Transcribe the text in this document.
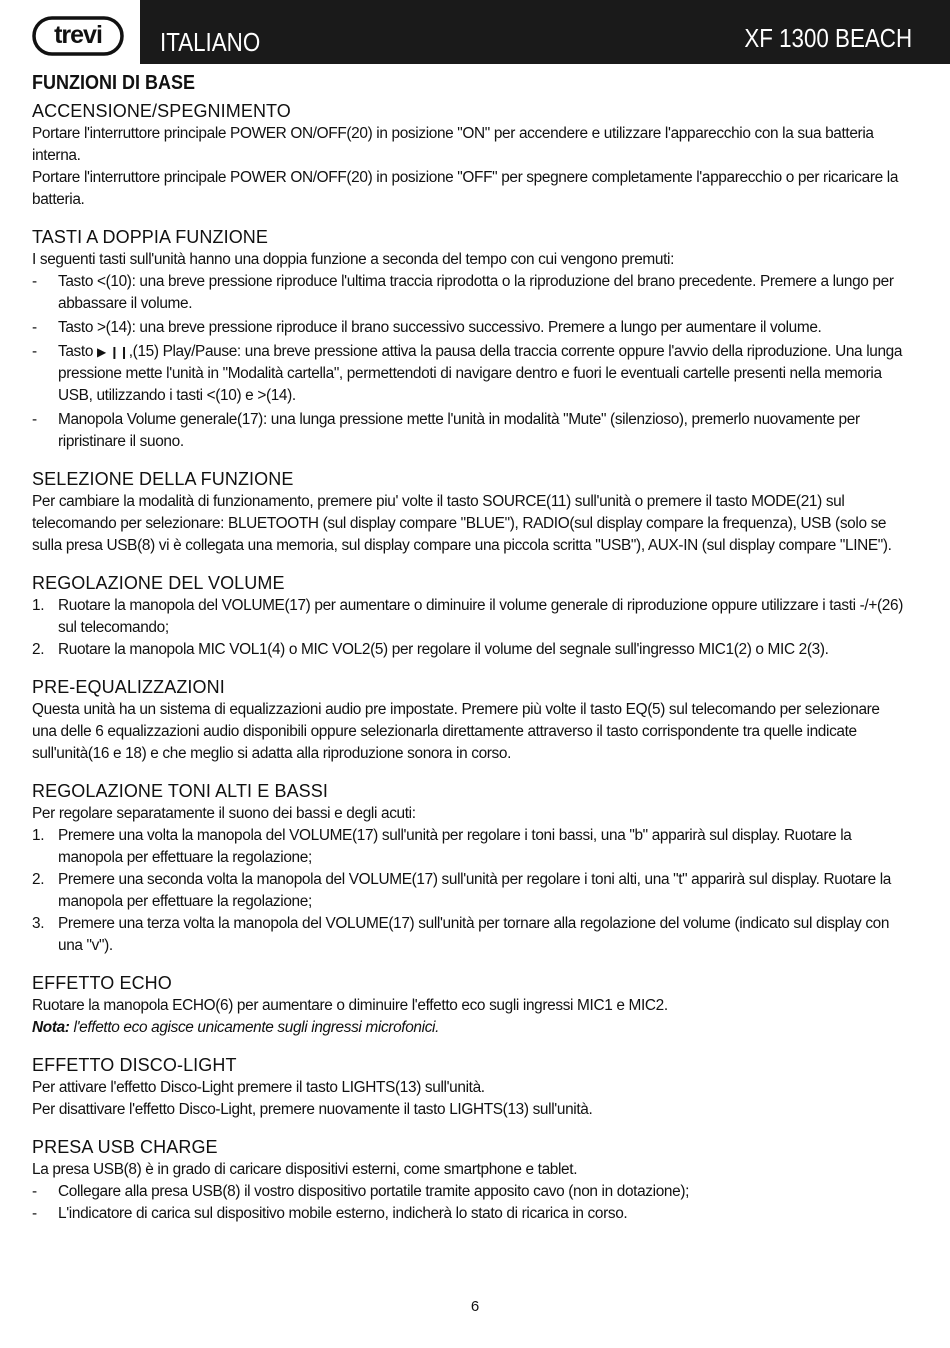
trevi	ITALIANO	XF 1300 BEACH
FUNZIONI DI BASE
ACCENSIONE/SPEGNIMENTO

Portare l'interruttore principale POWER ON/OFF(20) in posizione "ON" per accendere e utilizzare l'apparecchio con la sua batteria interna.

Portare l'interruttore principale POWER ON/OFF(20) in posizione "OFF" per spegnere completamente l'apparecchio o per ricaricare la batteria.

TASTI A DOPPIA FUNZIONE

I seguenti tasti sull'unità hanno una doppia funzione a seconda del tempo con cui vengono premuti:

- Tasto <(10): una breve pressione riproduce l'ultima traccia riprodotta o la riproduzione del brano precedente. Premere a lungo per abbassare il volume.
- Tasto >(14): una breve pressione riproduce il brano successivo successivo. Premere a lungo per aumentare il volume.
- Tasto ▶ ❙❙,(15) Play/Pause: una breve pressione attiva la pausa della traccia corrente oppure l'avvio della riproduzione. Una lunga pressione mette l'unità in "Modalità cartella", permettendoti di navigare dentro e fuori le eventuali cartelle presenti nella memoria USB, utilizzando i tasti <(10) e >(14).
- Manopola Volume generale(17): una lunga pressione mette l'unità in modalità "Mute" (silenzioso), premerlo nuovamente per ripristinare il suono.
SELEZIONE DELLA FUNZIONE

Per cambiare la modalità di funzionamento, premere piu' volte il tasto SOURCE(11) sull'unità o premere il tasto MODE(21) sul telecomando per selezionare: BLUETOOTH (sul display compare "BLUE"), RADIO(sul display compare la frequenza), USB (solo se sulla presa USB(8) vi è collegata una memoria, sul display compare una piccola scritta "USB"), AUX-IN (sul display compare "LINE").

REGOLAZIONE DEL VOLUME
1. Ruotare la manopola del VOLUME(17) per aumentare o diminuire il volume generale di riproduzione oppure utilizzare i tasti -/+(26) sul telecomando;
2. Ruotare la manopola MIC VOL1(4) o MIC VOL2(5) per regolare il volume del segnale sull'ingresso MIC1(2) o MIC 2(3).
PRE-EQUALIZZAZIONI

Questa unità ha un sistema di equalizzazioni audio pre impostate. Premere più volte il tasto EQ(5) sul telecomando per selezionare una delle 6 equalizzazioni audio disponibili oppure selezionarla direttamente attraverso il tasto corrispondente tra quelle indicate sull'unità(16 e 18) e che meglio si adatta alla riproduzione sonora in corso.

REGOLAZIONE TONI ALTI E BASSI

Per regolare separatamente il suono dei bassi e degli acuti:

1. Premere una volta la manopola del VOLUME(17) sull'unità per regolare i toni bassi, una "b" apparirà sul display. Ruotare la manopola per effettuare la regolazione;
2. Premere una seconda volta la manopola del VOLUME(17) sull'unità per regolare i toni alti, una "t" apparirà sul display. Ruotare la manopola per effettuare la regolazione;
3. Premere una terza volta la manopola del VOLUME(17) sull'unità per tornare alla regolazione del volume (indicato sul display con una "v").
EFFETTO ECHO

Ruotare la manopola ECHO(6) per aumentare o diminuire l'effetto eco sugli ingressi MIC1 e MIC2.

Nota: l'effetto eco agisce unicamente sugli ingressi microfonici.

EFFETTO DISCO-LIGHT

Per attivare l'effetto Disco-Light premere il tasto LIGHTS(13) sull'unità.

Per disattivare l'effetto Disco-Light, premere nuovamente il tasto LIGHTS(13) sull'unità.

PRESA USB CHARGE

La presa USB(8) è in grado di caricare dispositivi esterni, come smartphone e tablet.

- Collegare alla presa USB(8) il vostro dispositivo portatile tramite apposito cavo (non in dotazione);
- L'indicatore di carica sul dispositivo mobile esterno, indicherà lo stato di ricarica in corso.
6
